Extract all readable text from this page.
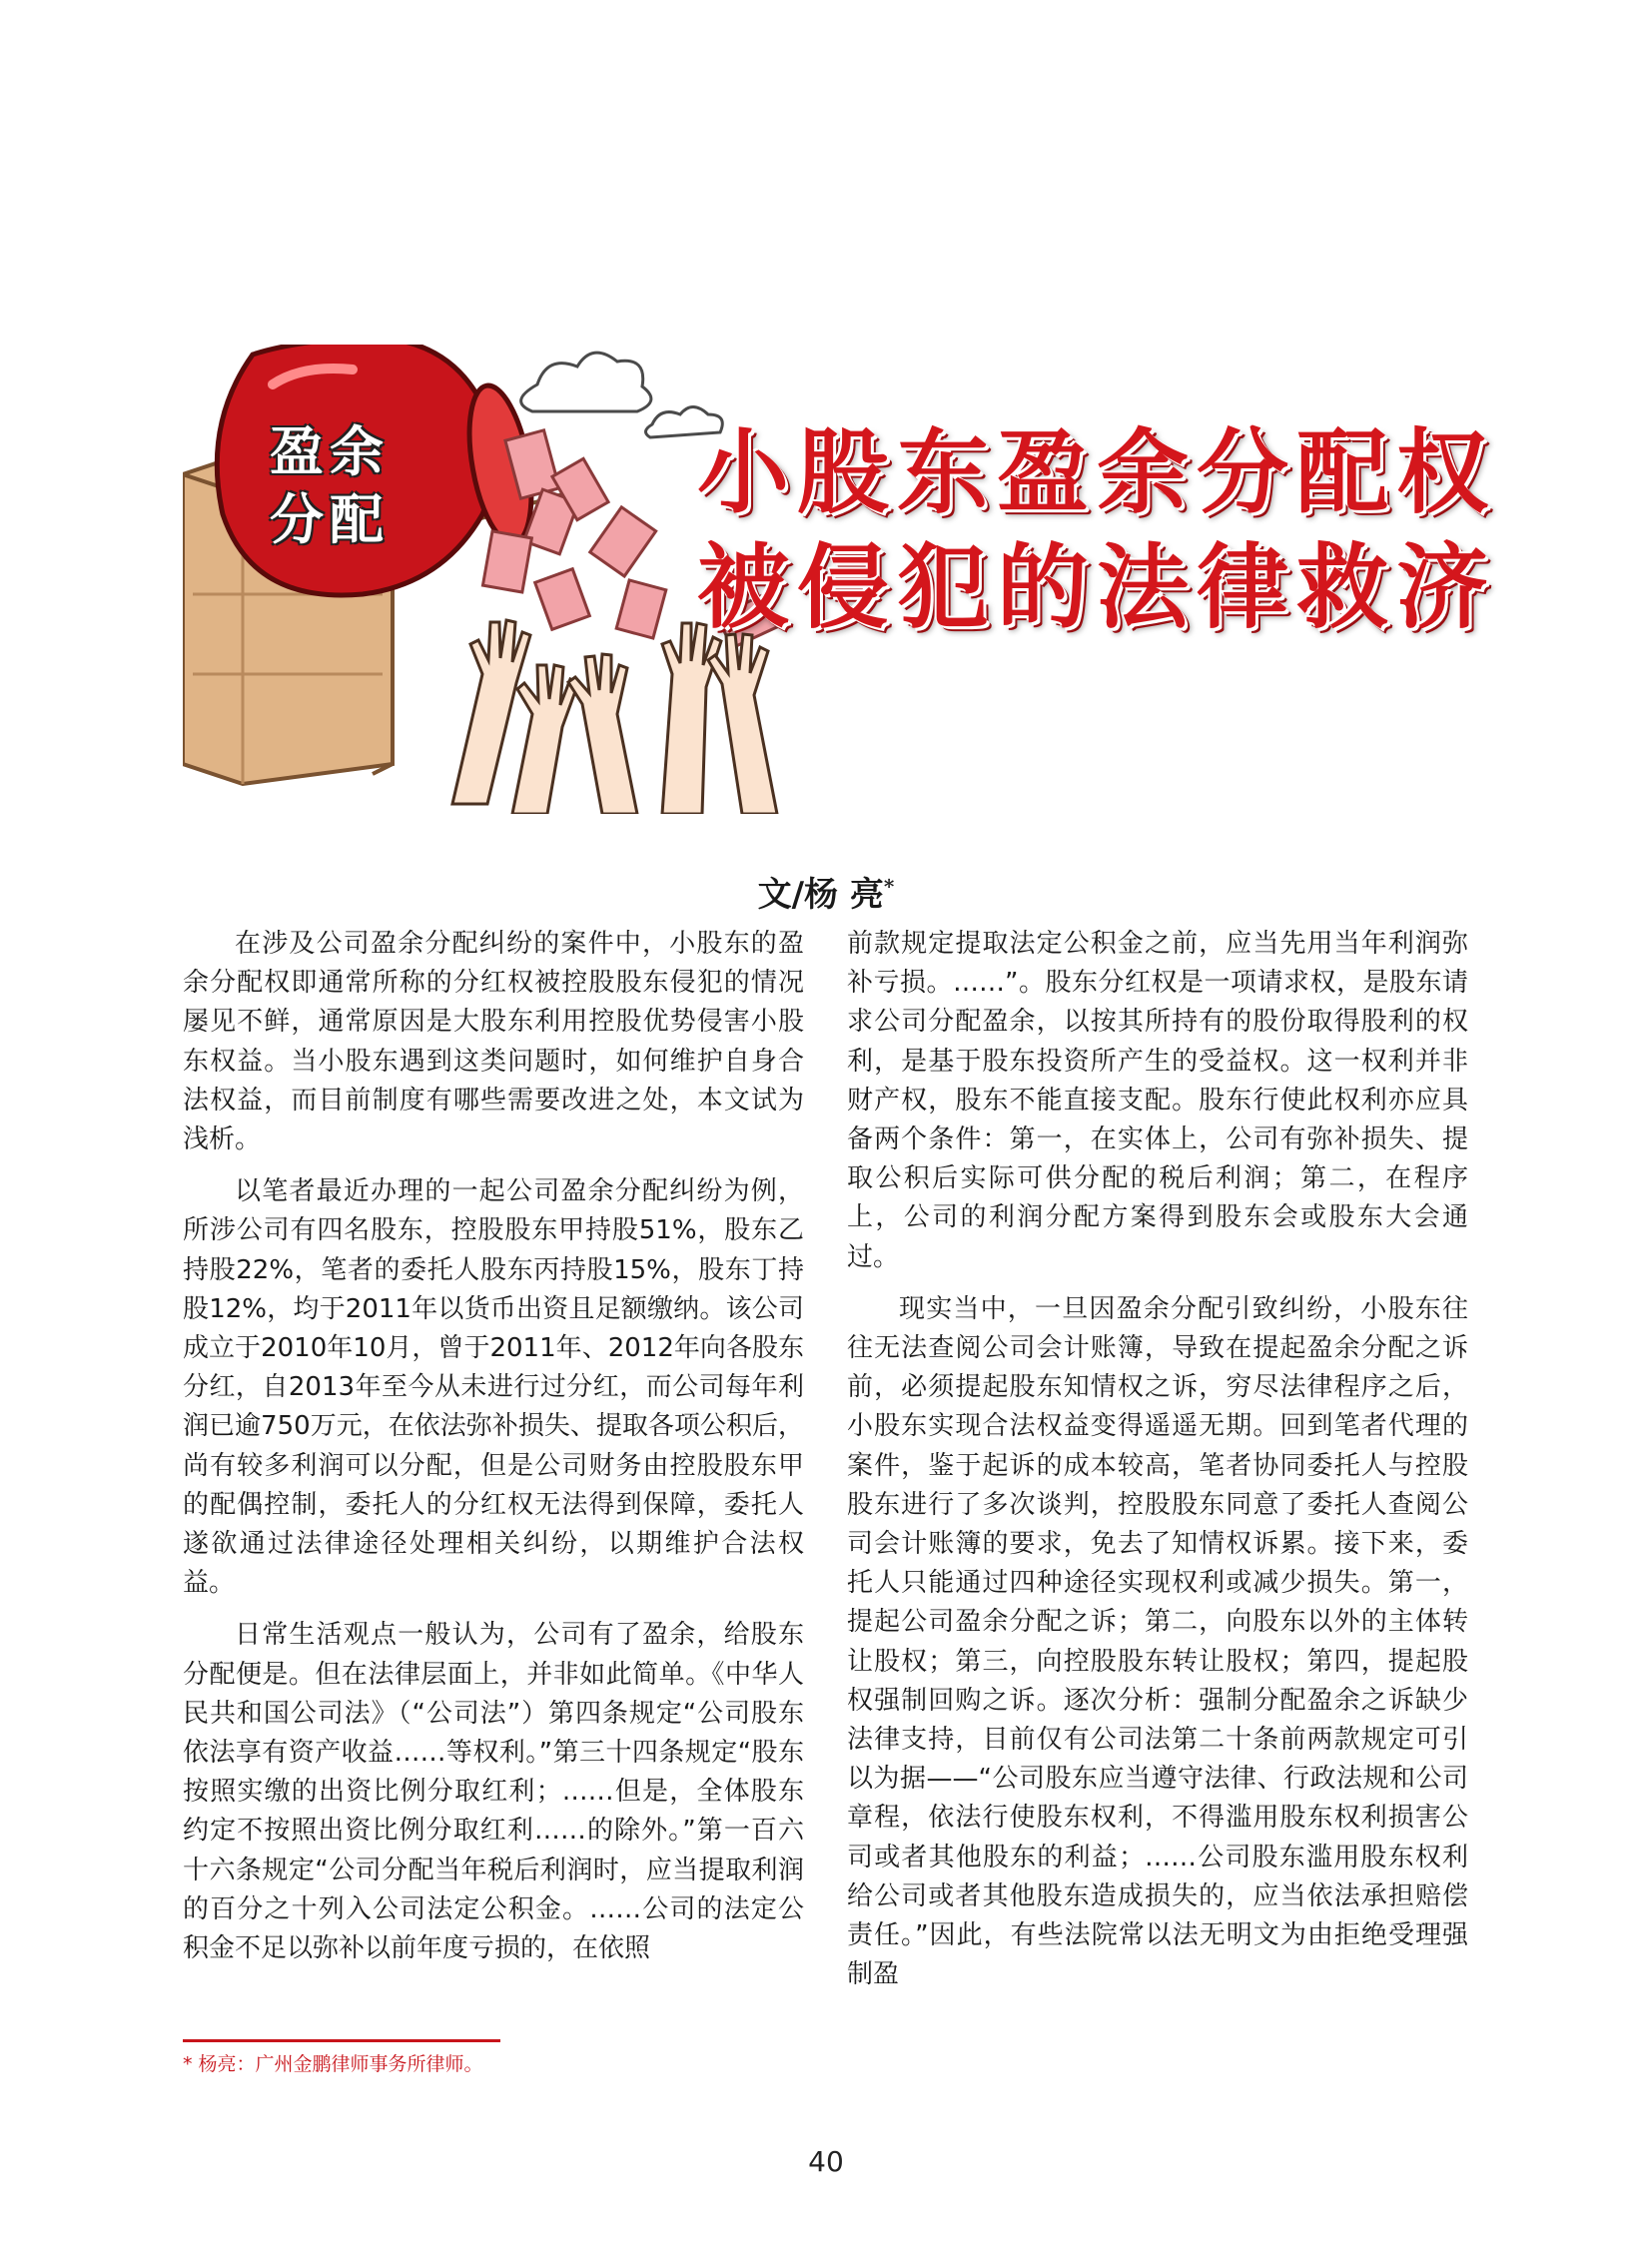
盈余
分配	小股东盈余分配权
被侵犯的法律救济
文/杨 亮*

在涉及公司盈余分配纠纷的案件中，小股东的盈余分配权即通常所称的分红权被控股股东侵犯的情况屡见不鲜，通常原因是大股东利用控股优势侵害小股东权益。当小股东遇到这类问题时，如何维护自身合法权益，而目前制度有哪些需要改进之处，本文试为浅析。

以笔者最近办理的一起公司盈余分配纠纷为例，所涉公司有四名股东，控股股东甲持股51%，股东乙持股22%，笔者的委托人股东丙持股15%，股东丁持股12%，均于2011年以货币出资且足额缴纳。该公司成立于2010年10月，曾于2011年、2012年向各股东分红，自2013年至今从未进行过分红，而公司每年利润已逾750万元，在依法弥补损失、提取各项公积后，尚有较多利润可以分配，但是公司财务由控股股东甲的配偶控制，委托人的分红权无法得到保障，委托人遂欲通过法律途径处理相关纠纷，以期维护合法权益。

日常生活观点一般认为，公司有了盈余，给股东分配便是。但在法律层面上，并非如此简单。《中华人民共和国公司法》（“公司法”）第四条规定“公司股东依法享有资产收益……等权利。”第三十四条规定“股东按照实缴的出资比例分取红利；……但是，全体股东约定不按照出资比例分取红利……的除外。”第一百六十六条规定“公司分配当年税后利润时，应当提取利润的百分之十列入公司法定公积金。……公司的法定公积金不足以弥补以前年度亏损的，在依照

前款规定提取法定公积金之前，应当先用当年利润弥补亏损。……”。股东分红权是一项请求权，是股东请求公司分配盈余，以按其所持有的股份取得股利的权利，是基于股东投资所产生的受益权。这一权利并非财产权，股东不能直接支配。股东行使此权利亦应具备两个条件：第一，在实体上，公司有弥补损失、提取公积后实际可供分配的税后利润；第二，在程序上，公司的利润分配方案得到股东会或股东大会通过。

现实当中，一旦因盈余分配引致纠纷，小股东往往无法查阅公司会计账簿，导致在提起盈余分配之诉前，必须提起股东知情权之诉，穷尽法律程序之后，小股东实现合法权益变得遥遥无期。回到笔者代理的案件，鉴于起诉的成本较高，笔者协同委托人与控股股东进行了多次谈判，控股股东同意了委托人查阅公司会计账簿的要求，免去了知情权诉累。接下来，委托人只能通过四种途径实现权利或减少损失。第一，提起公司盈余分配之诉；第二，向股东以外的主体转让股权；第三，向控股股东转让股权；第四，提起股权强制回购之诉。逐次分析：强制分配盈余之诉缺少法律支持，目前仅有公司法第二十条前两款规定可引以为据——“公司股东应当遵守法律、行政法规和公司章程，依法行使股东权利，不得滥用股东权利损害公司或者其他股东的利益；……公司股东滥用股东权利给公司或者其他股东造成损失的，应当依法承担赔偿责任。”因此，有些法院常以法无明文为由拒绝受理强制盈

* 杨亮：广州金鹏律师事务所律师。
40
